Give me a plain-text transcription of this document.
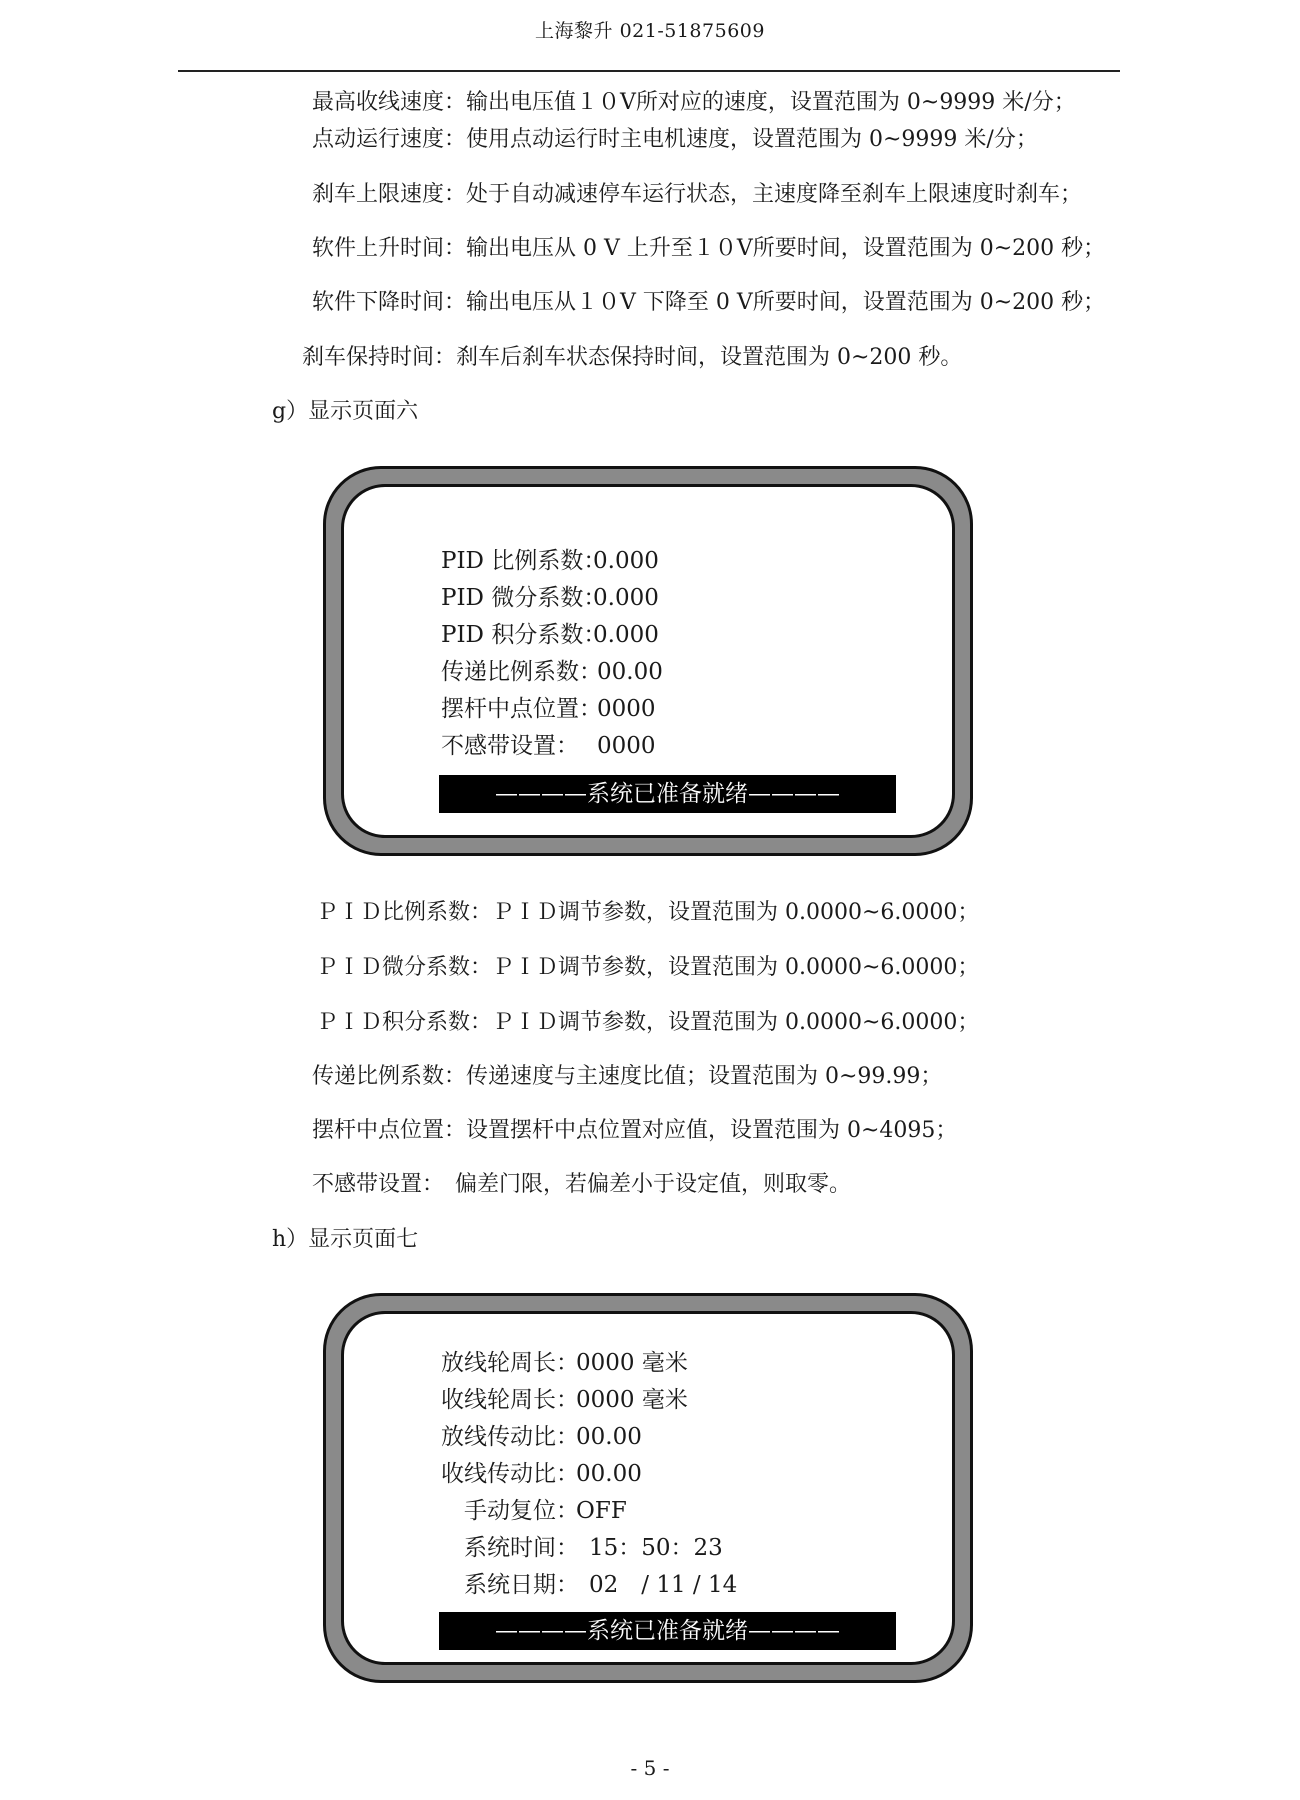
上海黎升 021-51875609
最高收线速度：输出电压值１０V所对应的速度，设置范围为 0~9999 米/分；
点动运行速度：使用点动运行时主电机速度，设置范围为 0~9999 米/分；
刹车上限速度：处于自动减速停车运行状态，主速度降至刹车上限速度时刹车；
软件上升时间：输出电压从 0 V 上升至１０V所要时间，设置范围为 0~200 秒；
软件下降时间：输出电压从１０V 下降至 0 V所要时间，设置范围为 0~200 秒；
刹车保持时间：刹车后刹车状态保持时间，设置范围为 0~200 秒。
g）显示页面六
PID 比例系数：
0.000
PID 微分系数：
0.000
PID 积分系数：
0.000
传递比例系数：
00.00
摆杆中点位置：
0000
不感带设置： 0000
————系统已准备就绪————
ＰＩＤ比例系数：ＰＩＤ调节参数，设置范围为 0.0000~6.0000；
ＰＩＤ微分系数：ＰＩＤ调节参数，设置范围为 0.0000~6.0000；
ＰＩＤ积分系数：ＰＩＤ调节参数，设置范围为 0.0000~6.0000；
传递比例系数：传递速度与主速度比值；设置范围为 0~99.99；
摆杆中点位置：设置摆杆中点位置对应值，设置范围为 0~4095；
不感带设置：　偏差门限，若偏差小于设定值，则取零。
h）显示页面七
放线轮周长：
0000 毫米
收线轮周长：
0000 毫米
放线传动比：
00.00
收线传动比：
00.00
手动复位：
OFF
系统时间： 15：50：23
系统日期： 02　/ 11 / 14
————系统已准备就绪————
- 5 -
